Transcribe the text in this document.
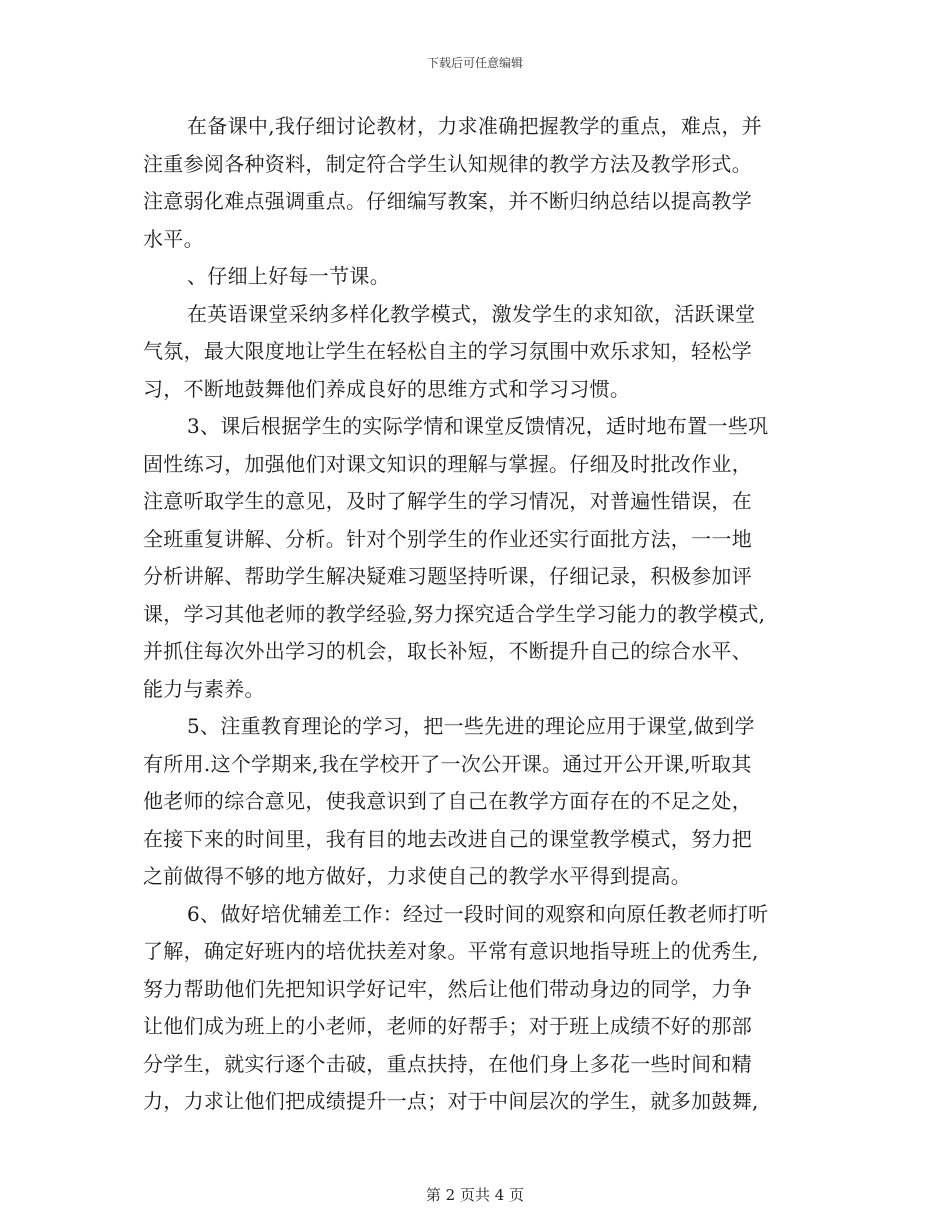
下载后可任意编辑
在备课中,我仔细讨论教材，力求准确把握教学的重点，难点，并
注重参阅各种资料，制定符合学生认知规律的教学方法及教学形式。
注意弱化难点强调重点。仔细编写教案，并不断归纳总结以提高教学
水平。
、仔细上好每一节课。
在英语课堂采纳多样化教学模式，激发学生的求知欲，活跃课堂
气氛，最大限度地让学生在轻松自主的学习氛围中欢乐求知，轻松学
习，不断地鼓舞他们养成良好的思维方式和学习习惯。
3、课后根据学生的实际学情和课堂反馈情况，适时地布置一些巩
固性练习，加强他们对课文知识的理解与掌握。仔细及时批改作业，
注意听取学生的意见，及时了解学生的学习情况，对普遍性错误，在
全班重复讲解、分析。针对个别学生的作业还实行面批方法，一一地
分析讲解、帮助学生解决疑难习题坚持听课，仔细记录，积极参加评
课，学习其他老师的教学经验,努力探究适合学生学习能力的教学模式,
并抓住每次外出学习的机会，取长补短，不断提升自己的综合水平、
能力与素养。
5、注重教育理论的学习，把一些先进的理论应用于课堂,做到学
有所用.这个学期来,我在学校开了一次公开课。通过开公开课,听取其
他老师的综合意见，使我意识到了自己在教学方面存在的不足之处，
在接下来的时间里，我有目的地去改进自己的课堂教学模式，努力把
之前做得不够的地方做好，力求使自己的教学水平得到提高。
6、做好培优辅差工作：经过一段时间的观察和向原任教老师打听
了解，确定好班内的培优扶差对象。平常有意识地指导班上的优秀生,
努力帮助他们先把知识学好记牢，然后让他们带动身边的同学，力争
让他们成为班上的小老师，老师的好帮手；对于班上成绩不好的那部
分学生，就实行逐个击破，重点扶持，在他们身上多花一些时间和精
力，力求让他们把成绩提升一点；对于中间层次的学生，就多加鼓舞,
第 2 页共 4 页
